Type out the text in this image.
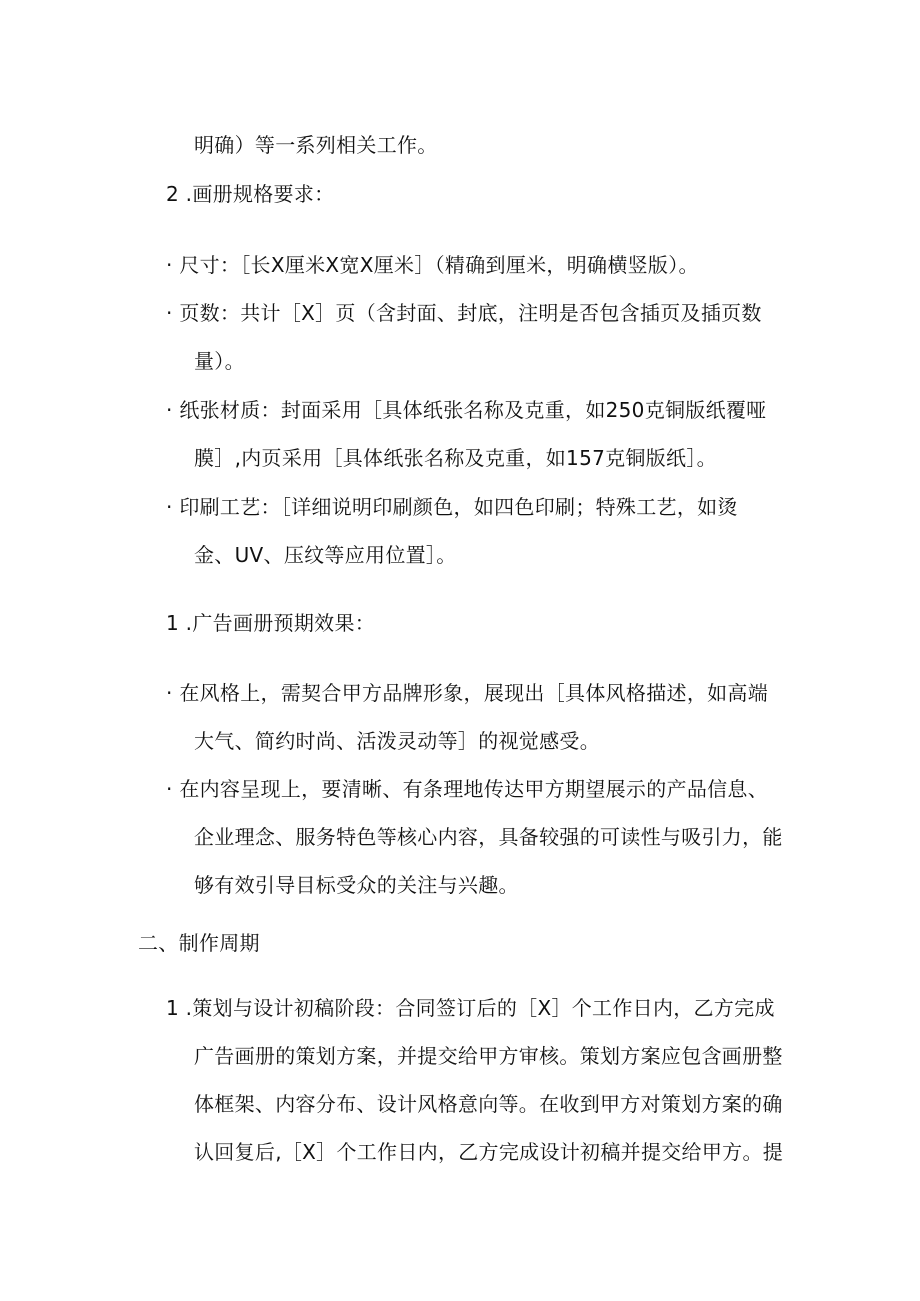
明确）等一系列相关工作。
2 .画册规格要求：
· 尺寸：［长X厘米X宽X厘米］（精确到厘米，明确横竖版）。
· 页数：共计［X］页（含封面、封底，注明是否包含插页及插页数
量）。
· 纸张材质：封面采用［具体纸张名称及克重，如250克铜版纸覆哑
膜］,内页采用［具体纸张名称及克重，如157克铜版纸］。
· 印刷工艺：［详细说明印刷颜色，如四色印刷；特殊工艺，如烫
金、UV、压纹等应用位置］。
1 .广告画册预期效果：
· 在风格上，需契合甲方品牌形象，展现出［具体风格描述，如高端
大气、简约时尚、活泼灵动等］的视觉感受。
· 在内容呈现上，要清晰、有条理地传达甲方期望展示的产品信息、
企业理念、服务特色等核心内容，具备较强的可读性与吸引力，能
够有效引导目标受众的关注与兴趣。
二、制作周期
1 .策划与设计初稿阶段：合同签订后的［X］个工作日内，乙方完成
广告画册的策划方案，并提交给甲方审核。策划方案应包含画册整
体框架、内容分布、设计风格意向等。在收到甲方对策划方案的确
认回复后,［X］个工作日内，乙方完成设计初稿并提交给甲方。提
